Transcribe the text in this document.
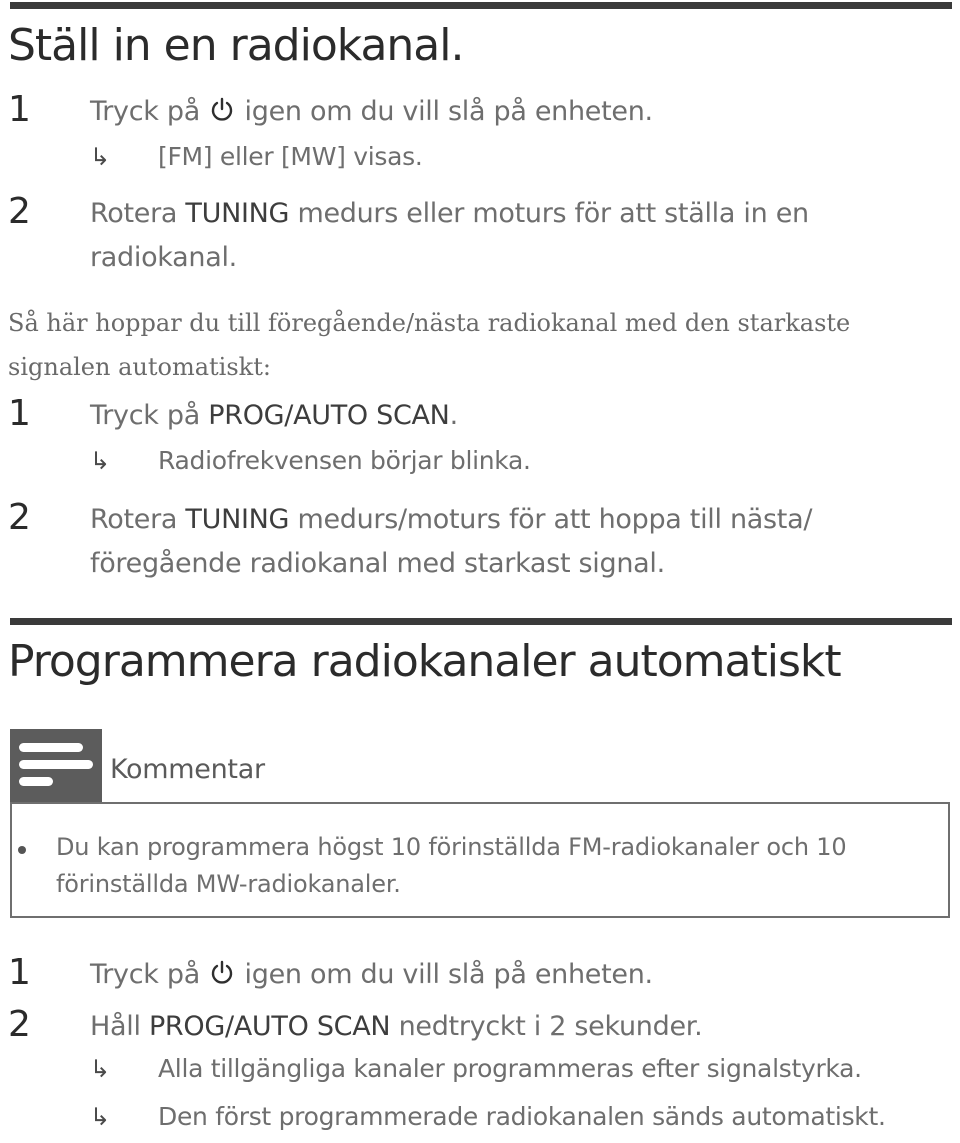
Ställ in en radiokanal.
1 Tryck på igen om du vill slå på enheten.
↳ [FM] eller [MW] visas.
2 Rotera TUNING medurs eller moturs för att ställa in en
radiokanal.
Så här hoppar du till föregående/nästa radiokanal med den starkaste
signalen automatiskt:
1 Tryck på PROG/AUTO SCAN.
↳ Radiofrekvensen börjar blinka.
2 Rotera TUNING medurs/moturs för att hoppa till nästa/
föregående radiokanal med starkast signal.
Programmera radiokanaler automatiskt
Kommentar
Du kan programmera högst 10 förinställda FM-radiokanaler och 10
förinställda MW-radiokanaler.
1 Tryck på igen om du vill slå på enheten.
2 Håll PROG/AUTO SCAN nedtryckt i 2 sekunder.
↳ Alla tillgängliga kanaler programmeras efter signalstyrka.
↳ Den först programmerade radiokanalen sänds automatiskt.
